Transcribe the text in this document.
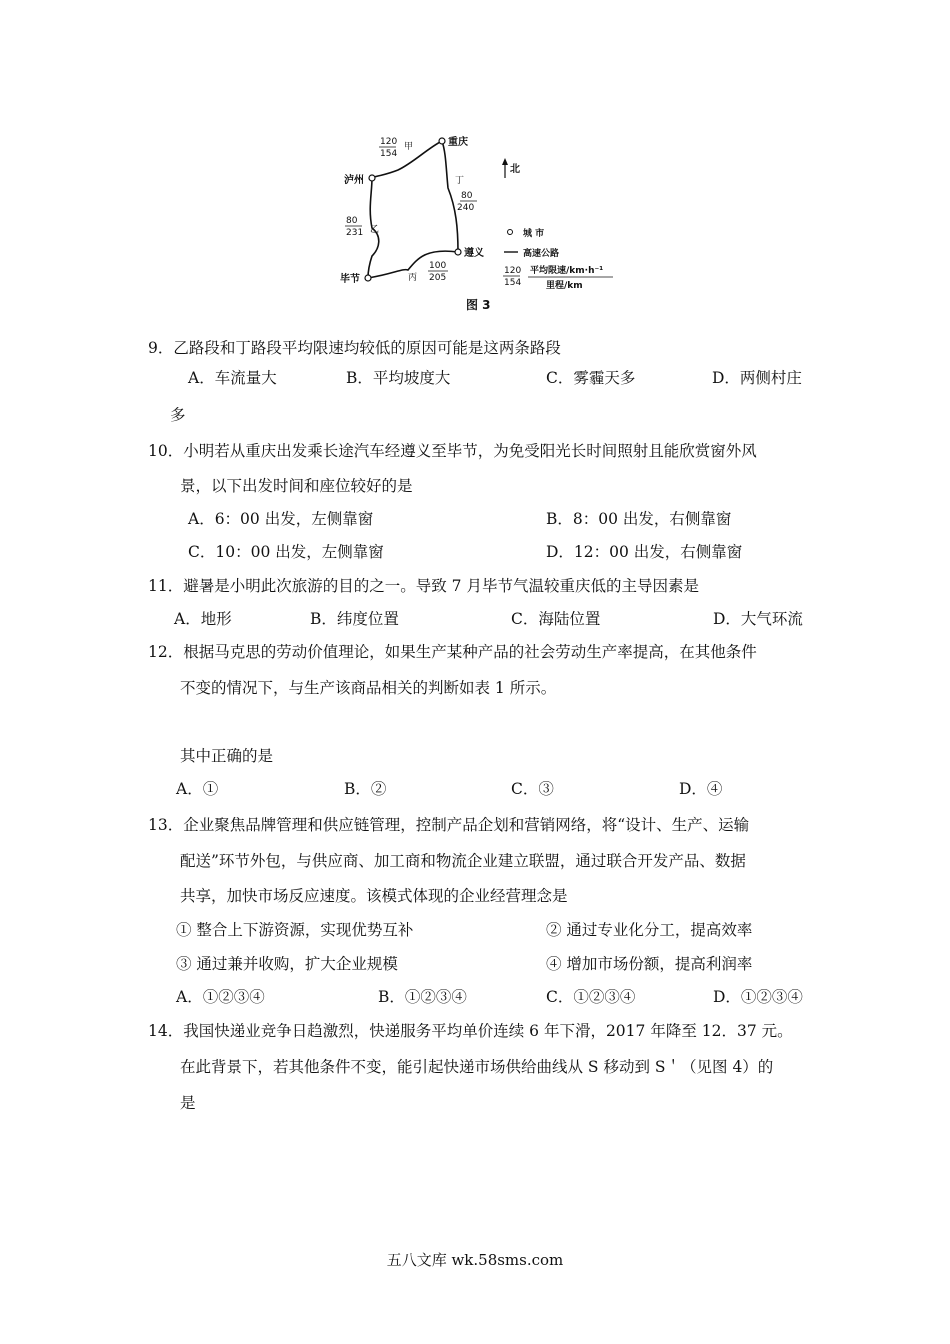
重庆
泸州
遵义
毕节
120
154
甲
80
231 乙
丙
100
205
丁
80
240
北
城 市
高速公路
120
154
平均限速/km·h⁻¹
里程/km
图 3
9．乙路段和丁路段平均限速均较低的原因可能是这两条路段
A．车流量大	B．平均坡度大	C．雾霾天多	D．两侧村庄
多
10．小明若从重庆出发乘长途汽车经遵义至毕节，为免受阳光长时间照射且能欣赏窗外风
景，以下出发时间和座位较好的是
A．6：00 出发，左侧靠窗	B．8：00 出发，右侧靠窗
C．10：00 出发，左侧靠窗	D．12：00 出发，右侧靠窗
11．避暑是小明此次旅游的目的之一。导致 7 月毕节气温较重庆低的主导因素是
A．地形	B．纬度位置	C．海陆位置	D．大气环流
12．根据马克思的劳动价值理论，如果生产某种产品的社会劳动生产率提高，在其他条件
不变的情况下，与生产该商品相关的判断如表 1 所示。
其中正确的是
A．①	B．②	C．③	D．④
13．企业聚焦品牌管理和供应链管理，控制产品企划和营销网络，将“设计、生产、运输
配送”环节外包，与供应商、加工商和物流企业建立联盟，通过联合开发产品、数据
共享，加快市场反应速度。该模式体现的企业经营理念是
① 整合上下游资源，实现优势互补	② 通过专业化分工，提高效率
③ 通过兼并收购，扩大企业规模	④ 增加市场份额，提高利润率
A．①②③④	B．①②③④	C．①②③④	D．①②③④
14．我国快递业竞争日趋激烈，快递服务平均单价连续 6 年下滑，2017 年降至 12．37 元。
在此背景下，若其他条件不变，能引起快递市场供给曲线从 S 移动到 S＇（见图 4）的
是
五八文库 wk.58sms.com
